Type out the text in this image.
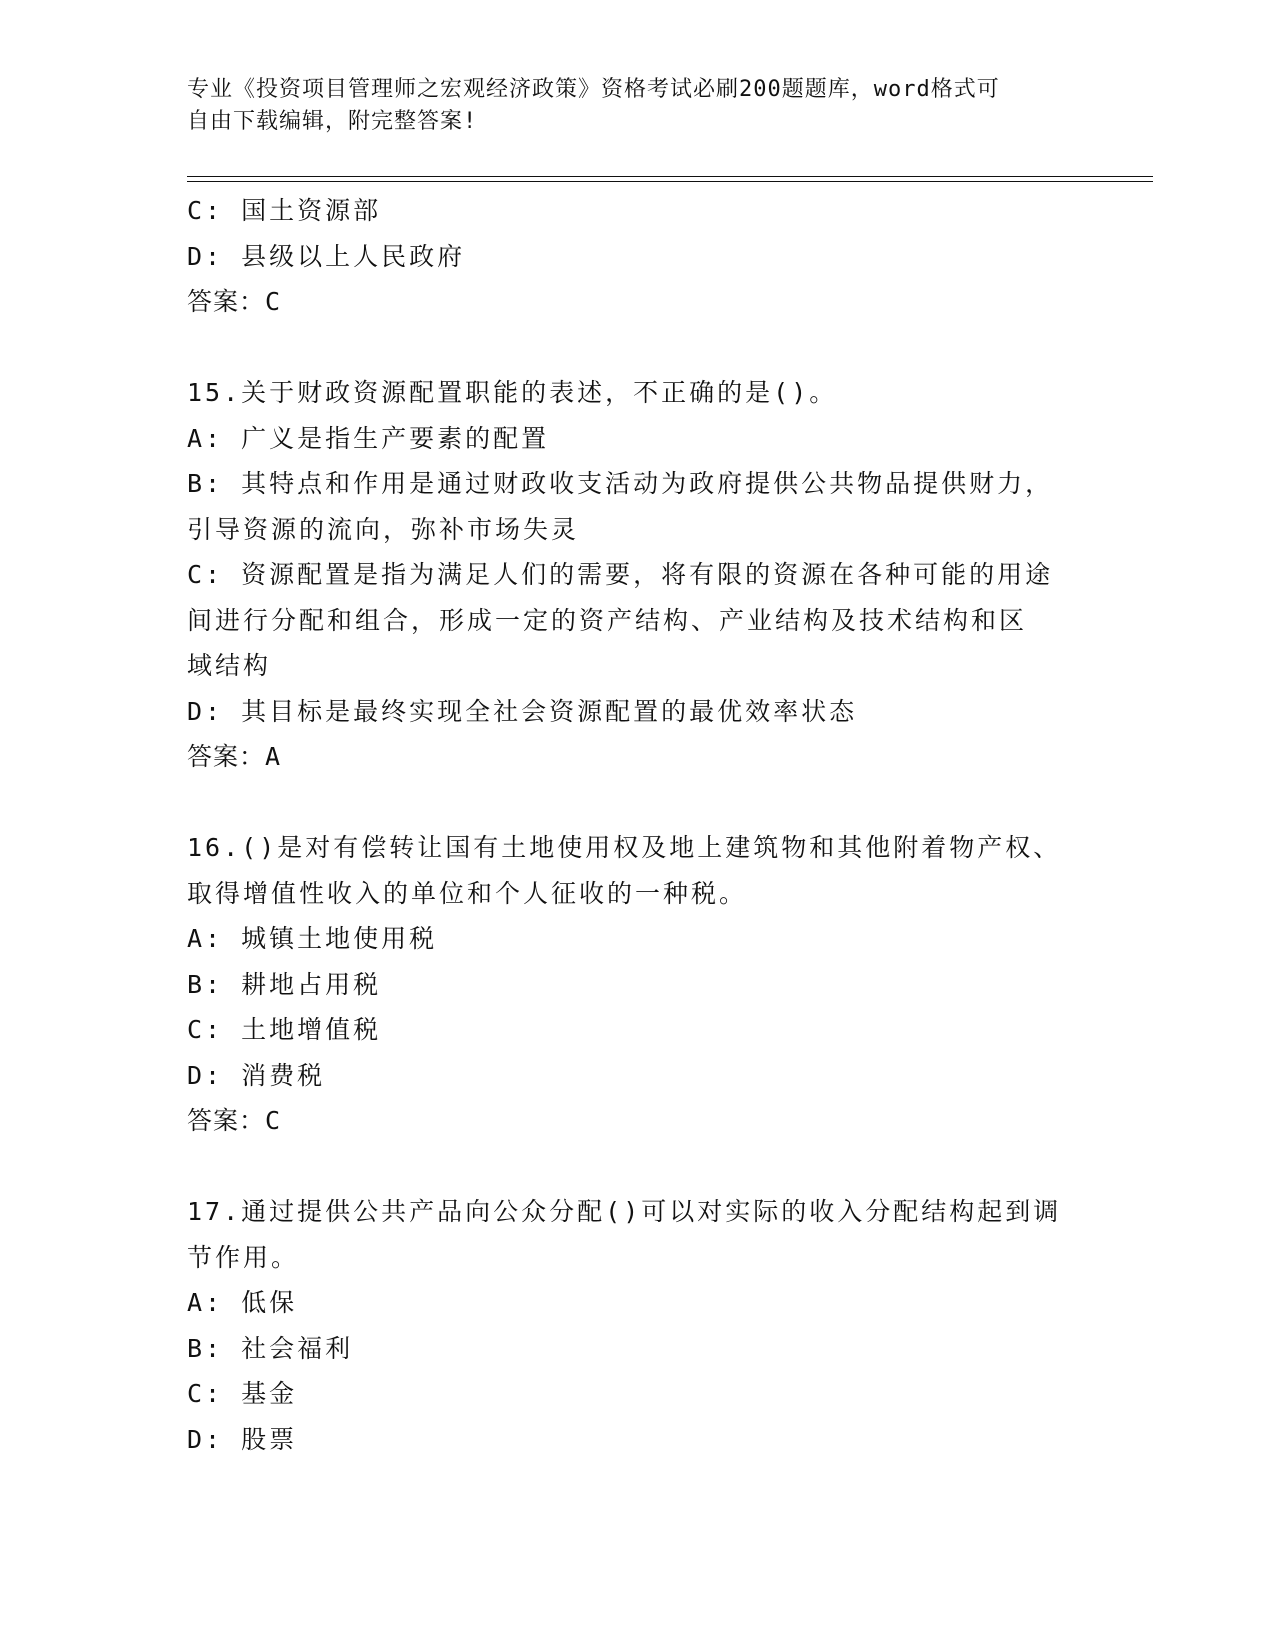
专业《投资项目管理师之宏观经济政策》资格考试必刷200题题库，word格式可
自由下载编辑，附完整答案!
C: 国土资源部
D: 县级以上人民政府
答案：C
15.关于财政资源配置职能的表述，不正确的是()。
A: 广义是指生产要素的配置
B: 其特点和作用是通过财政收支活动为政府提供公共物品提供财力，
引导资源的流向，弥补市场失灵
C: 资源配置是指为满足人们的需要，将有限的资源在各种可能的用途
间进行分配和组合，形成一定的资产结构、产业结构及技术结构和区
域结构
D: 其目标是最终实现全社会资源配置的最优效率状态
答案：A
16.()是对有偿转让国有土地使用权及地上建筑物和其他附着物产权、
取得增值性收入的单位和个人征收的一种税。
A: 城镇土地使用税
B: 耕地占用税
C: 土地增值税
D: 消费税
答案：C
17.通过提供公共产品向公众分配()可以对实际的收入分配结构起到调
节作用。
A: 低保
B: 社会福利
C: 基金
D: 股票
